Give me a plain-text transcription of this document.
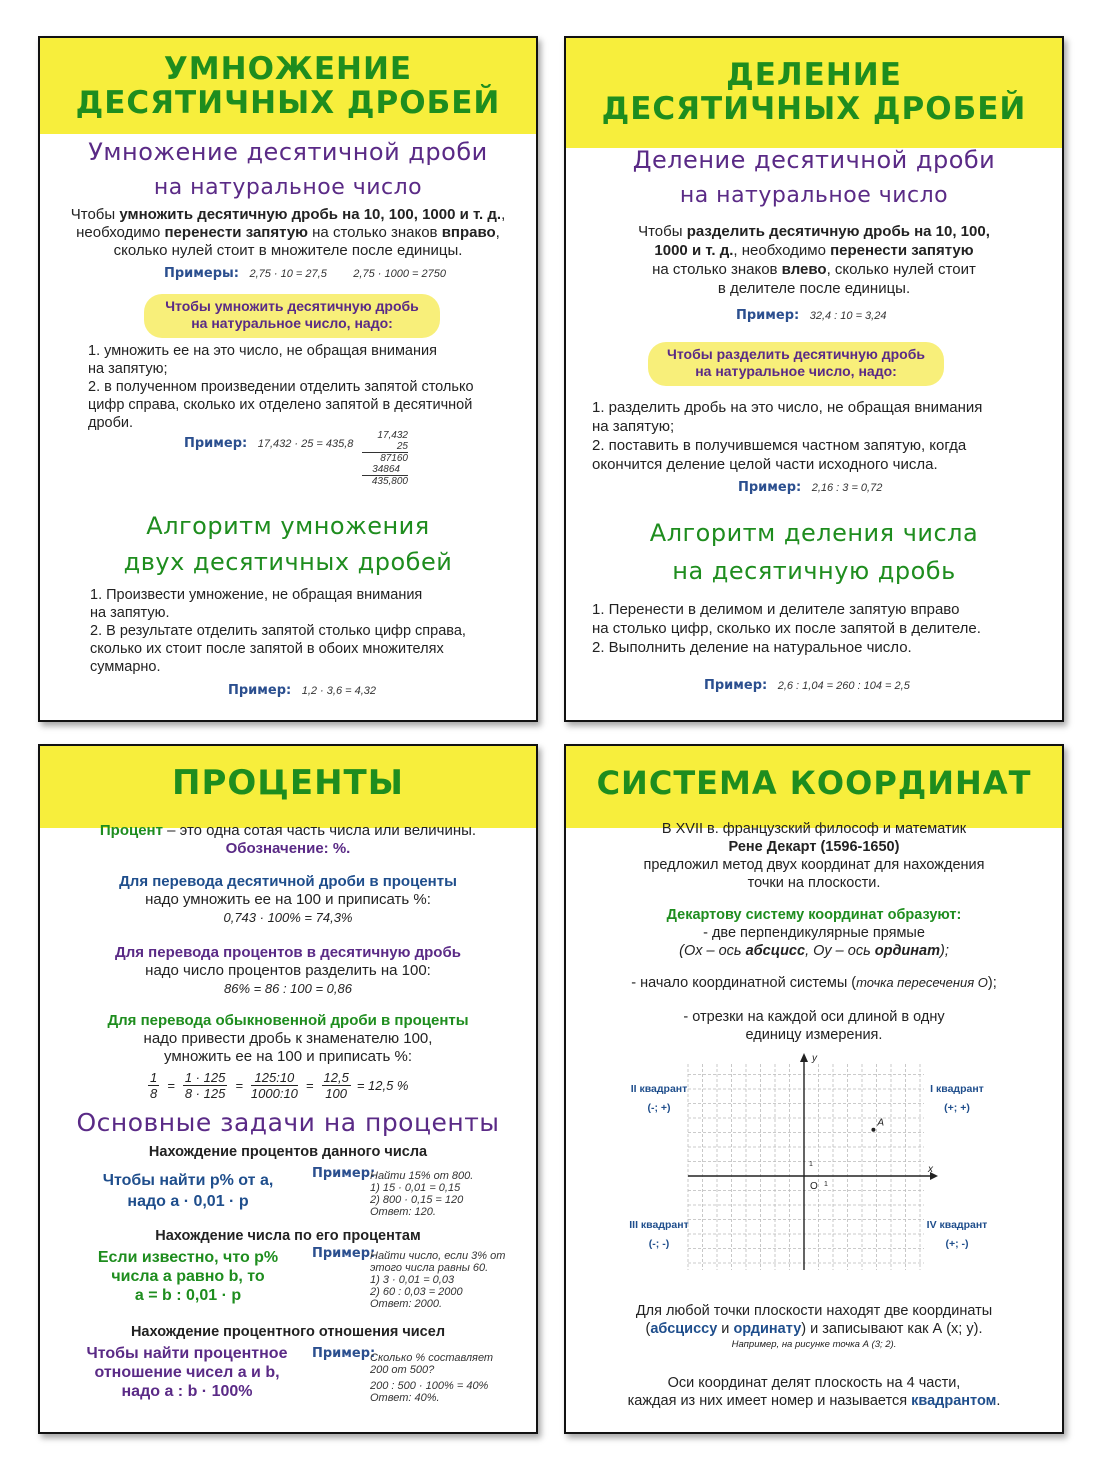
УМНОЖЕНИЕ
ДЕСЯТИЧНЫХ ДРОБЕЙ
Умножение десятичной дроби
на натуральное число
Чтобы умножить десятичную дробь на 10, 100, 1000 и т. д.,
необходимо перенести запятую на столько знаков вправо,
сколько нулей стоит в множителе после единицы.
Примеры: 2,75 · 10 = 27,5 2,75 · 1000 = 2750
Чтобы умножить десятичную дробь
на натуральное число, надо:
1. умножить ее на это число, не обращая внимания
на запятую;
2. в полученном произведении отделить запятой столько
цифр справа, сколько их отделено запятой в десятичной
дроби.
Пример: 17,432 · 25 = 435,8
17,432
25
87160
34864
435,800
Алгоритм умножения
двух десятичных дробей
1. Произвести умножение, не обращая внимания
на запятую.
2. В результате отделить запятой столько цифр справа,
сколько их стоит после запятой в обоих множителях
суммарно.
Пример: 1,2 · 3,6 = 4,32
ДЕЛЕНИЕ
ДЕСЯТИЧНЫХ ДРОБЕЙ
Деление десятичной дроби
на натуральное число
Чтобы разделить десятичную дробь на 10, 100,
1000 и т. д., необходимо перенести запятую
на столько знаков влево, сколько нулей стоит
в делителе после единицы.
Пример: 32,4 : 10 = 3,24
Чтобы разделить десятичную дробь
на натуральное число, надо:
1. разделить дробь на это число, не обращая внимания
на запятую;
2. поставить в получившемся частном запятую, когда
окончится деление целой части исходного числа.
Пример: 2,16 : 3 = 0,72
Алгоритм деления числа
на десятичную дробь
1. Перенести в делимом и делителе запятую вправо
на столько цифр, сколько их после запятой в делителе.
2. Выполнить деление на натуральное число.
Пример: 2,6 : 1,04 = 260 : 104 = 2,5
ПРОЦЕНТЫ
Процент – это одна сотая часть числа или величины.
Обозначение: %.
Для перевода десятичной дроби в проценты
надо умножить ее на 100 и приписать %:
0,743 · 100% = 74,3%
Для перевода процентов в десятичную дробь
надо число процентов разделить на 100:
86% = 86 : 100 = 0,86
Для перевода обыкновенной дроби в проценты
надо привести дробь к знаменателю 100,
умножить ее на 100 и приписать %:
$\frac{1}{8} = \frac{1 \cdot 125}{8 \cdot 125} = \frac{125:10}{1000:10} = \frac{12,5}{100} = 12,5$ %
Основные задачи на проценты
Нахождение процентов данного числа
Чтобы найти p% от a,
надо a · 0,01 · p
Пример:
Найти 15% от 800.
1) 15 · 0,01 = 0,15
2) 800 · 0,15 = 120
Ответ: 120.
Нахождение числа по его процентам
Если известно, что p%
числа a равно b, то
a = b : 0,01 · p
Пример:
Найти число, если 3% от
этого числа равны 60.
1) 3 · 0,01 = 0,03
2) 60 : 0,03 = 2000
Ответ: 2000.
Нахождение процентного отношения чисел
Чтобы найти процентное
отношение чисел a и b,
надо a : b · 100%
Пример:
Сколько % составляет
200 от 500?
200 : 500 · 100% = 40%
Ответ: 40%.
СИСТЕМА КООРДИНАТ
В XVII в. французский философ и математик
Рене Декарт (1596-1650)
предложил метод двух координат для нахождения
точки на плоскости.
Декартову систему координат образуют:
- две перпендикулярные прямые
(Ox – ось абсцисс, Oy – ось ординат);
- начало координатной системы (точка пересечения O);
- отрезки на каждой оси длиной в одну
единицу измерения.
II квадрант
(-; +)
I квадрант
(+; +)
III квадрант
(-; -)
IV квадрант
(+; -)
x
y
O 1
1
A
Для любой точки плоскости находят две координаты
(абсциссу и ординату) и записывают как А (x; y).
Например, на рисунке точка А (3; 2).
Оси координат делят плоскость на 4 части,
каждая из них имеет номер и называется квадрантом.
